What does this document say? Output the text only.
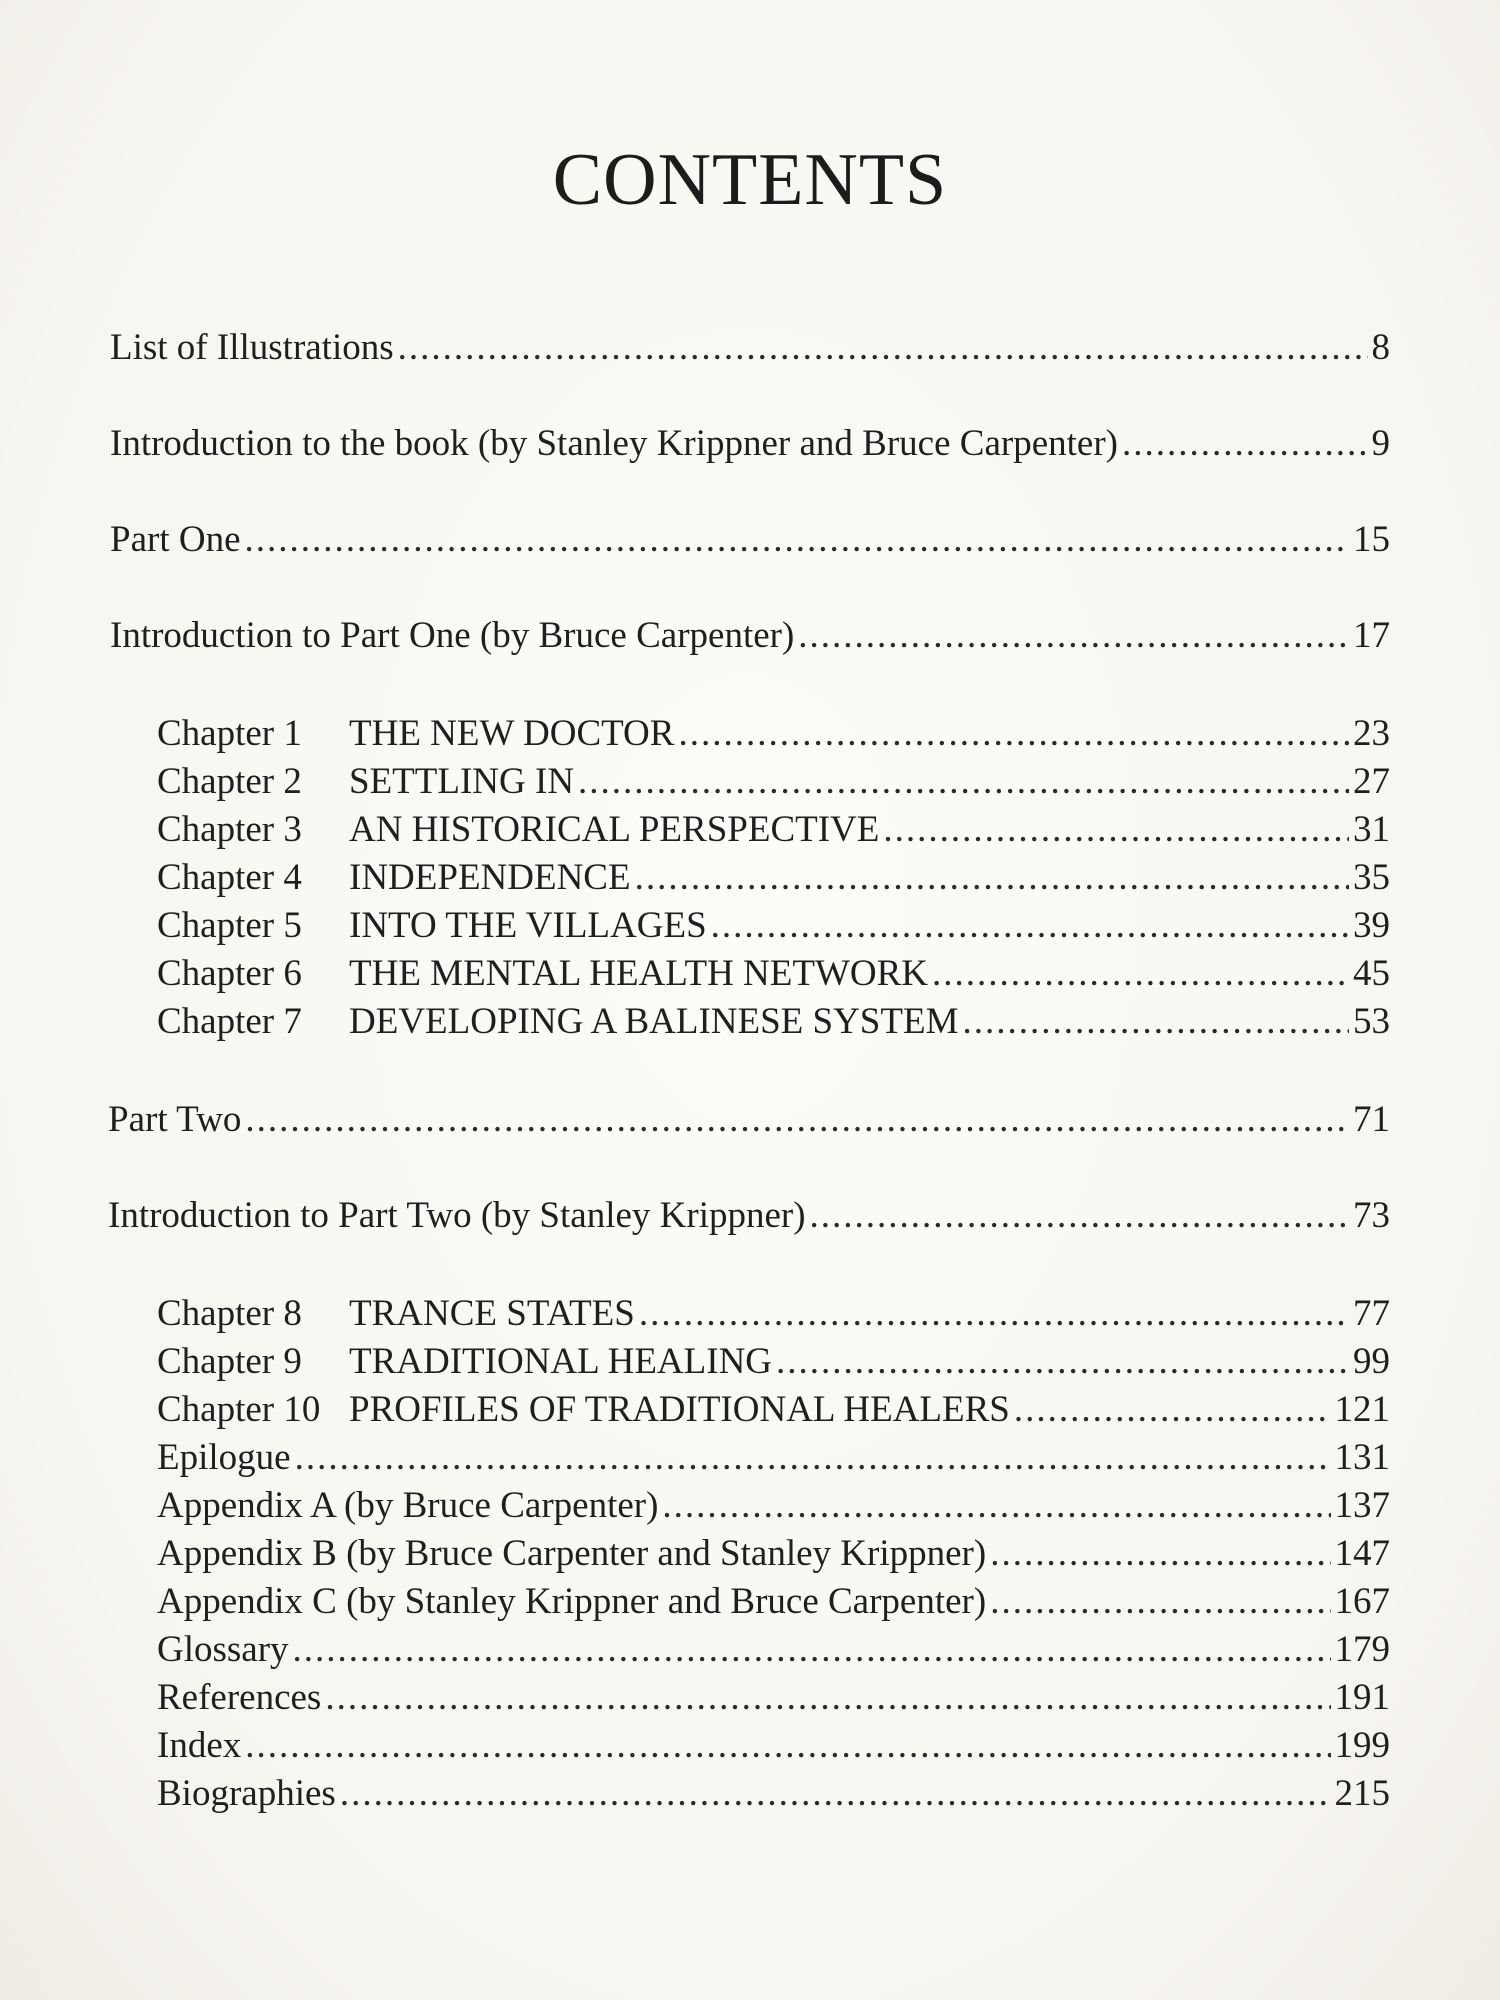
CONTENTS
List of Illustrations .....	8
Introduction to the book (by Stanley Krippner and Bruce Carpenter) .....	9
Part One .....	15
Introduction to Part One (by Bruce Carpenter) .....	17
Chapter 1	THE NEW DOCTOR .....	23
Chapter 2	SETTLING IN .....	27
Chapter 3	AN HISTORICAL PERSPECTIVE .....	31
Chapter 4	INDEPENDENCE .....	35
Chapter 5	INTO THE VILLAGES .....	39
Chapter 6	THE MENTAL HEALTH NETWORK .....	45
Chapter 7	DEVELOPING A BALINESE SYSTEM .....	53
Part Two .....	71
Introduction to Part Two (by Stanley Krippner) .....	73
Chapter 8	TRANCE STATES .....	77
Chapter 9	TRADITIONAL HEALING .....	99
Chapter 10 PROFILES OF TRADITIONAL HEALERS .....	121
Epilogue .....	131
Appendix A (by Bruce Carpenter) .....	137
Appendix B (by Bruce Carpenter and Stanley Krippner) .....	147
Appendix C (by Stanley Krippner and Bruce Carpenter) .....	167
Glossary .....	179
References .....	191
Index .....	199
Biographies .....	215
